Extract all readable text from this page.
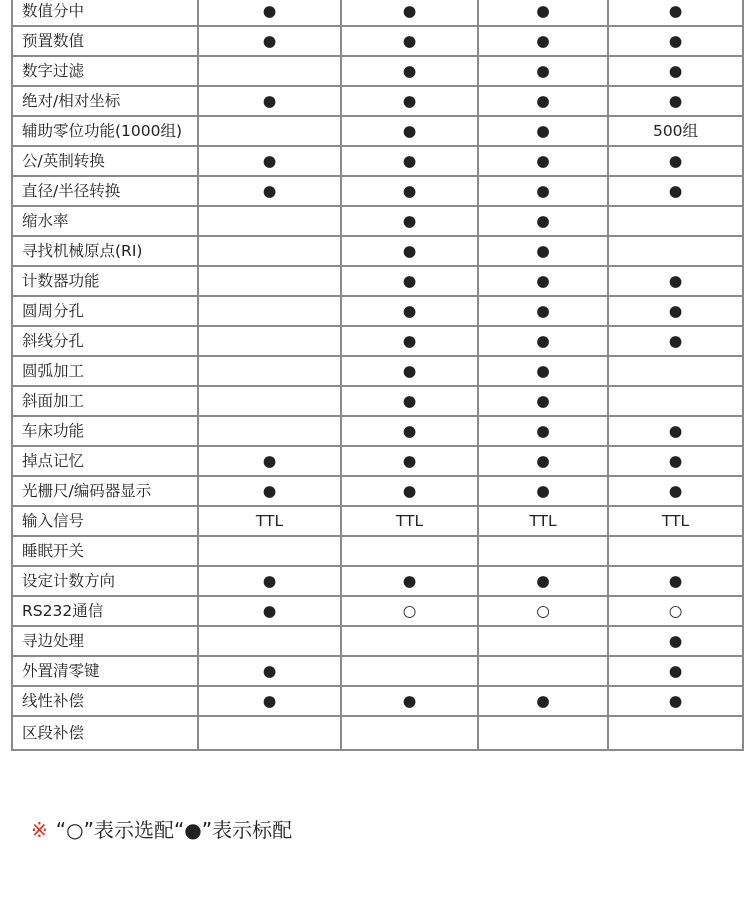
数值分中	●	●	●	●
预置数值	●	●	●	●
数字过滤		●	●	●
绝对/相对坐标	●	●	●	●
辅助零位功能(1000组)		●	●	500组
公/英制转换	●	●	●	●
直径/半径转换	●	●	●	●
缩水率		●	●	
寻找机械原点(RI)		●	●	
计数器功能		●	●	●
圆周分孔		●	●	●
斜线分孔		●	●	●
圆弧加工		●	●	
斜面加工		●	●	
车床功能		●	●	●
掉点记忆	●	●	●	●
光栅尺/编码器显示	●	●	●	●
输入信号	TTL	TTL	TTL	TTL
睡眠开关				
设定计数方向	●	●	●	●
RS232通信	●	○	○	○
寻边处理				●
外置清零键	●			●
线性补偿	●	●	●	●
区段补偿				
※ “○”表示选配“●”表示标配
